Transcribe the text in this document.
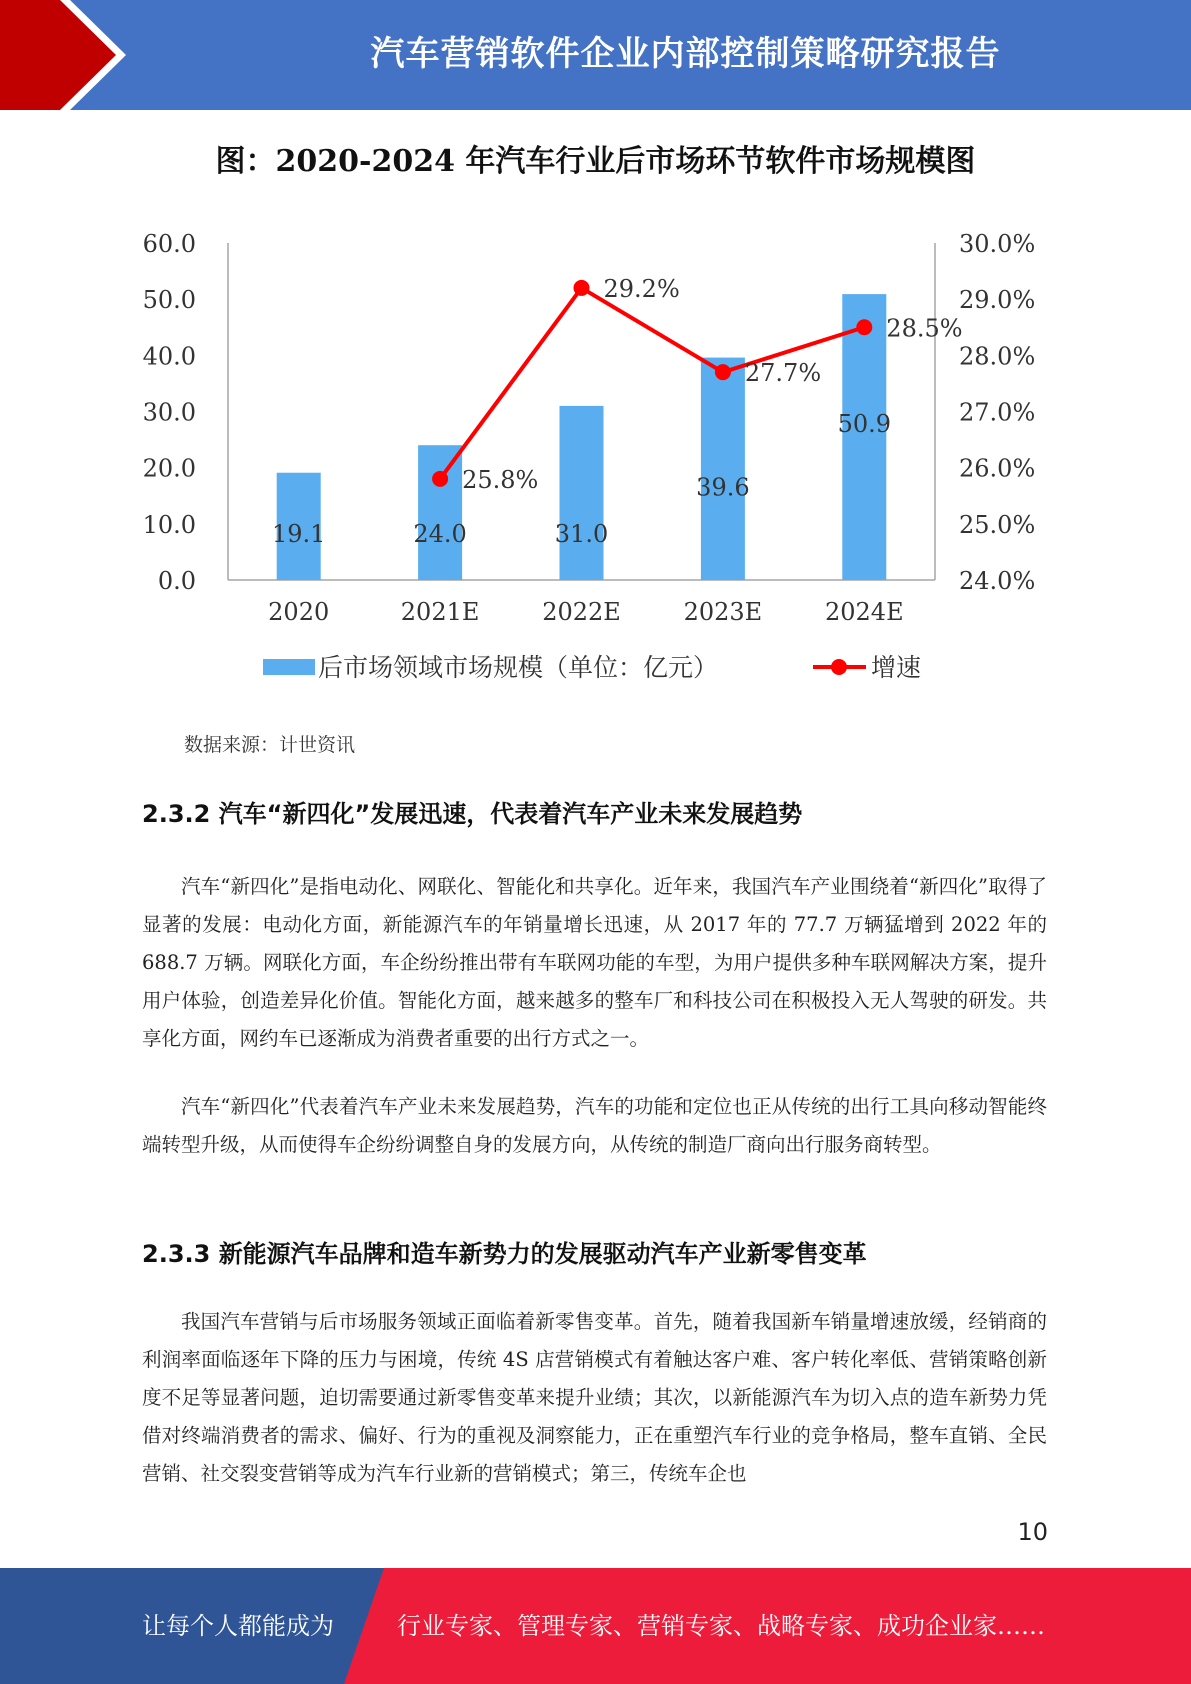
汽车营销软件企业内部控制策略研究报告
图：2020-2024 年汽车行业后市场环节软件市场规模图
0.0
10.0
20.0
30.0
40.0
50.0
60.0
24.0%
25.0%
26.0%
27.0%
28.0%
29.0%
30.0%
2020	2021E	2022E	2023E	2024E
19.1	24.0	31.0
39.6
50.9
25.8%
29.2%
27.7%
28.5%
后市场领域市场规模（单位：亿元）	增速
数据来源：计世资讯
2.3.2 汽车“新四化”发展迅速，代表着汽车产业未来发展趋势

汽车“新四化”是指电动化、网联化、智能化和共享化。近年来，我国汽车产业围绕着“新四化”取得了显著的发展：电动化方面，新能源汽车的年销量增长迅速，从 2017 年的 77.7 万辆猛增到 2022 年的 688.7 万辆。网联化方面，车企纷纷推出带有车联网功能的车型，为用户提供多种车联网解决方案，提升用户体验，创造差异化价值。智能化方面，越来越多的整车厂和科技公司在积极投入无人驾驶的研发。共享化方面，网约车已逐渐成为消费者重要的出行方式之一。

汽车“新四化”代表着汽车产业未来发展趋势，汽车的功能和定位也正从传统的出行工具向移动智能终端转型升级，从而使得车企纷纷调整自身的发展方向，从传统的制造厂商向出行服务商转型。

2.3.3 新能源汽车品牌和造车新势力的发展驱动汽车产业新零售变革

我国汽车营销与后市场服务领域正面临着新零售变革。首先，随着我国新车销量增速放缓，经销商的利润率面临逐年下降的压力与困境，传统 4S 店营销模式有着触达客户难、客户转化率低、营销策略创新度不足等显著问题，迫切需要通过新零售变革来提升业绩；其次，以新能源汽车为切入点的造车新势力凭借对终端消费者的需求、偏好、行为的重视及洞察能力，正在重塑汽车行业的竞争格局，整车直销、全民营销、社交裂变营销等成为汽车行业新的营销模式；第三，传统车企也

10
让每个人都能成为	行业专家、管理专家、营销专家、战略专家、成功企业家……
